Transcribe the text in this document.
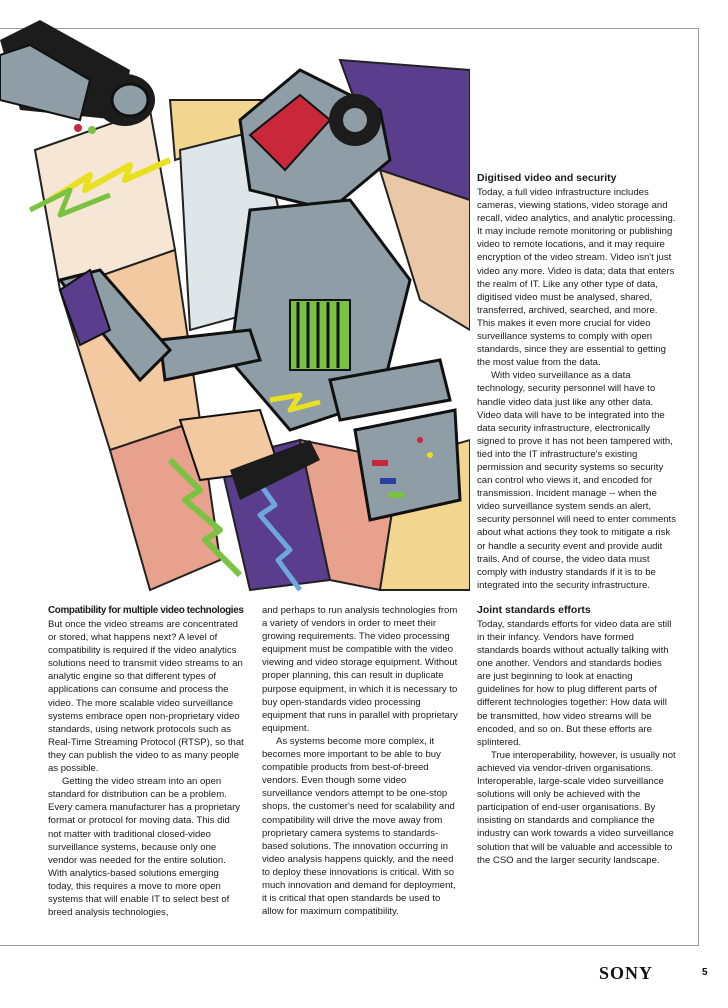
Compatibility for multiple video technologies

But once the video streams are concentrated or stored, what happens next? A level of compatibility is required if the video analytics solutions need to transmit video streams to an analytic engine so that different types of applications can consume and process the video. The more scalable video surveillance systems embrace open non-proprietary video standards, using network protocols such as Real-Time Streaming Protocol (RTSP), so that they can publish the video to as many people as possible.

Getting the video stream into an open standard for distribution can be a problem. Every camera manufacturer has a proprietary format or protocol for moving data. This did not matter with traditional closed-video surveillance systems, because only one vendor was needed for the entire solution. With analytics-based solutions emerging today, this requires a move to more open systems that will enable IT to select best of breed analysis technologies,

and perhaps to run analysis technologies from a variety of vendors in order to meet their growing requirements. The video processing equipment must be compatible with the video viewing and video storage equipment. Without proper planning, this can result in duplicate purpose equipment, in which it is necessary to buy open-standards video processing equipment that runs in parallel with proprietary equipment.

As systems become more complex, it becomes more important to be able to buy compatible products from best-of-breed vendors. Even though some video surveillance vendors attempt to be one-stop shops, the customer's need for scalability and compatibility will drive the move away from proprietary camera systems to standards-based solutions. The innovation occurring in video analysis happens quickly, and the need to deploy these innovations is critical. With so much innovation and demand for deployment, it is critical that open standards be used to allow for maximum compatibility.

Digitised video and security

Today, a full video infrastructure includes cameras, viewing stations, video storage and recall, video analytics, and analytic processing. It may include remote monitoring or publishing video to remote locations, and it may require encryption of the video stream. Video isn't just video any more. Video is data; data that enters the realm of IT. Like any other type of data, digitised video must be analysed, shared, transferred, archived, searched, and more. This makes it even more crucial for video surveillance systems to comply with open standards, since they are essential to getting the most value from the data.

With video surveillance as a data technology, security personnel will have to handle video data just like any other data. Video data will have to be integrated into the data security infrastructure, electronically signed to prove it has not been tampered with, tied into the IT infrastructure's existing permission and security systems so security can control who views it, and encoded for transmission. Incident manage -- when the video surveillance system sends an alert, security personnel will need to enter comments about what actions they took to mitigate a risk or handle a security event and provide audit trails. And of course, the video data must comply with industry standards if it is to be integrated into the security infrastructure.

Joint standards efforts

Today, standards efforts for video data are still in their infancy. Vendors have formed standards boards without actually talking with one another. Vendors and standards bodies are just beginning to look at enacting guidelines for how to plug different parts of different technologies together: How data will be transmitted, how video streams will be encoded, and so on. But these efforts are splintered.

True interoperability, however, is usually not achieved via vendor-driven organisations. Interoperable, large-scale video surveillance solutions will only be achieved with the participation of end-user organisations. By insisting on standards and compliance the industry can work towards a video surveillance solution that will be valuable and accessible to the CSO and the larger security landscape.

SONY	5
